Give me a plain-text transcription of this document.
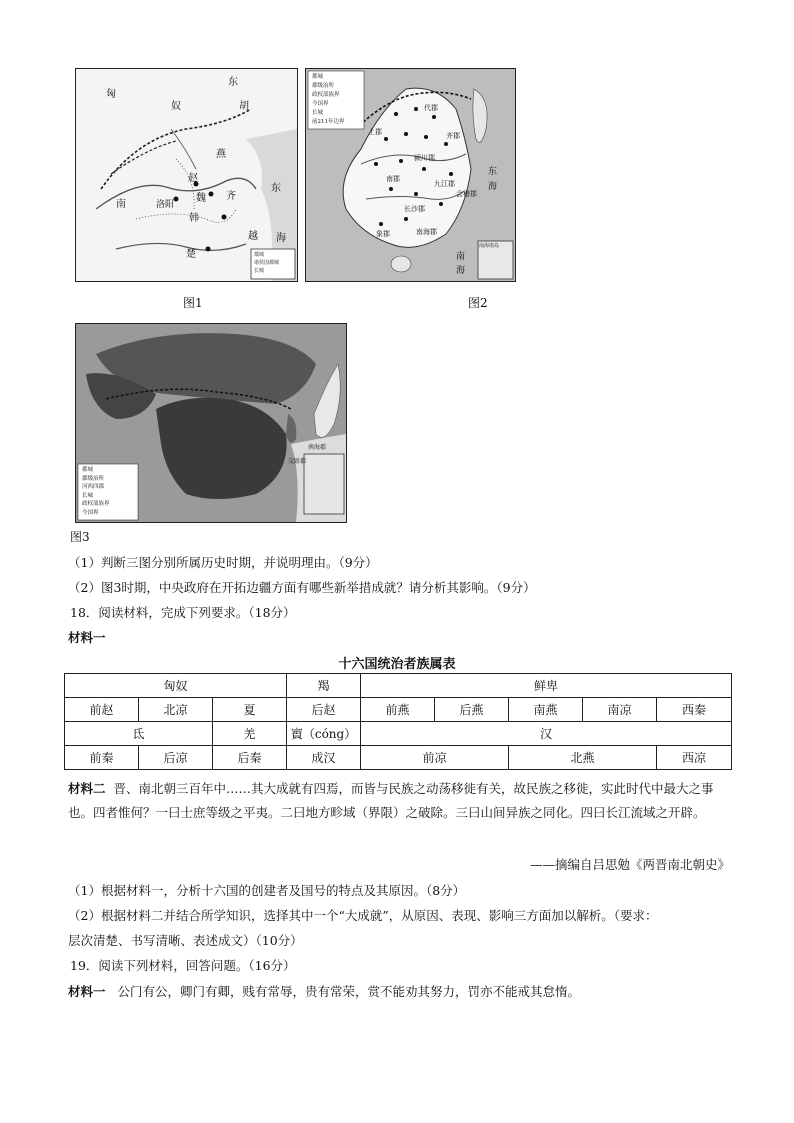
匈
奴
东
胡
燕
赵
魏
韩
洛阳
楚
齐
越
东
海
南
都城
诸侯国都城
长城
图1
都城
郡级治所
政权部族界
今国界
长城
前211年边界
上郡
代郡
齐郡
颍川郡
九江郡
南郡
长沙郡
南海郡
象郡
会稽郡
东
海
南
海
南海诸岛
图2
都城
郡级治所
河西四郡
长城
政权部族界
今国界
南海郡
交趾郡
图3
（1）判断三图分别所属历史时期，并说明理由。（9分）
（2）图3时期，中央政府在开拓边疆方面有哪些新举措成就？请分析其影响。（9分）
18．阅读材料，完成下列要求。（18分）
材料一
十六国统治者族属表
匈奴			羯	鲜卑				
前赵	北凉	夏	后赵	前燕	后燕	南燕	南凉	西秦
氐		羌	賨（cóng）	汉				
前秦	后凉	后秦	成汉	前凉		北燕		西凉
材料二 晋、南北朝三百年中……其大成就有四焉，而皆与民族之动荡移徙有关，故民族之移徙，实此时代中最大之事也。四者惟何？一曰士庶等级之平夷。二曰地方畛域（界限）之破除。三曰山间异族之同化。四曰长江流域之开辟。
——摘编自吕思勉《两晋南北朝史》
（1）根据材料一，分析十六国的创建者及国号的特点及其原因。（8分）
（2）根据材料二并结合所学知识，选择其中一个“大成就”，从原因、表现、影响三方面加以解析。（要求：
层次清楚、书写清晰、表述成文）（10分）
19．阅读下列材料，回答问题。（16分）
材料一 公门有公，卿门有卿，贱有常辱，贵有常荣，赏不能劝其努力，罚亦不能戒其怠惰。
